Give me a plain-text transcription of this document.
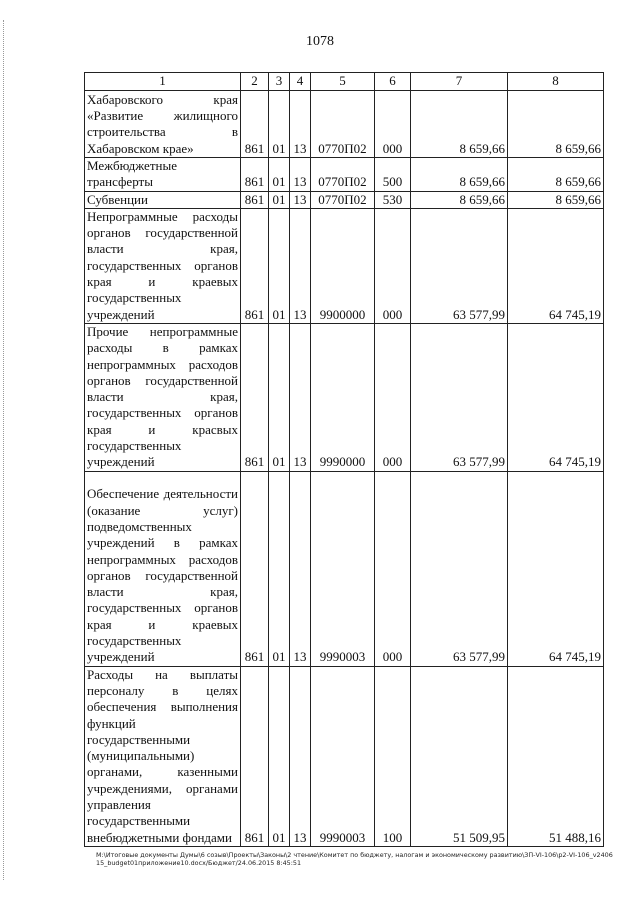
1078
1	2	3	4	5	6	7	8
Хабаровского края «Развитие жилищного строительства в Хабаровском крае»	861	01	13	0770П02	000	8 659,66	8 659,66
Межбюджетные трансферты	861	01	13	0770П02	500	8 659,66	8 659,66
Субвенции	861	01	13	0770П02	530	8 659,66	8 659,66
Непрограммные расходы органов государственной власти края, государственных органов края и краевых государственных учреждений	861	01	13	9900000	000	63 577,99	64 745,19
Прочие непрограммные расходы в рамках непрограммных расходов органов государственной власти края, государственных органов края и красвых государственных учреждений	861	01	13	9990000	000	63 577,99	64 745,19
Обеспечение деятельности (оказание услуг) подведомственных учреждений в рамках непрограммных расходов органов государственной власти края, государственных органов края и краевых государственных учреждений	861	01	13	9990003	000	63 577,99	64 745,19
Расходы на выплаты персоналу в целях обеспечения выполнения функций государственными (муниципальными) органами, казенными учреждениями, органами управления государственными внебюджетными фондами	861	01	13	9990003	100	51 509,95	51 488,16
М:\Итоговые документы Думы\6 созыв\Проекты\Законы\2 чтение\Комитет по бюджету, налогам и экономическому развитию\ЗП-VI-106\р2-VI-106_v240615_budget01приложение10.docx/Бюджет/24.06.2015 8:45:51
